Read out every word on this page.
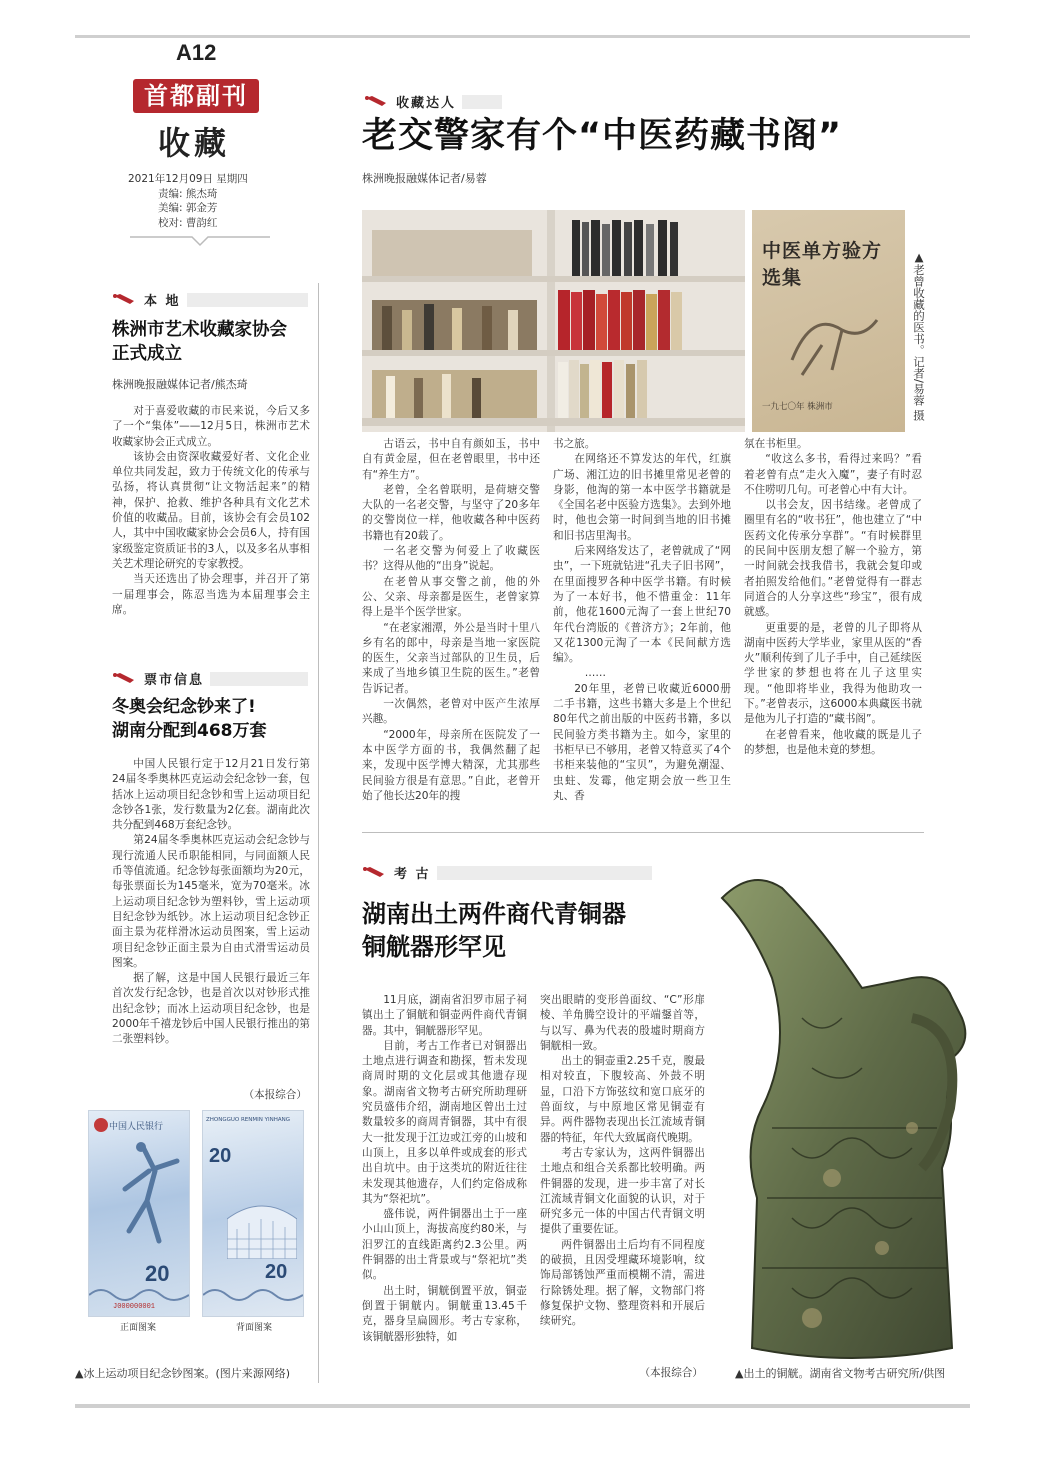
A12
首都副刊
收藏
2021年12月09日 星期四
责编: 熊杰琦
美编: 郭金芳
校对: 曹韵红
本 地
株洲市艺术收藏家协会
正式成立
株洲晚报融媒体记者/熊杰琦

对于喜爱收藏的市民来说，今后又多了一个“集体”——12月5日，株洲市艺术收藏家协会正式成立。

该协会由资深收藏爱好者、文化企业单位共同发起，致力于传统文化的传承与弘扬，将认真贯彻“让文物活起来”的精神，保护、抢救、维护各种具有文化艺术价值的收藏品。目前，该协会有会员102人，其中中国收藏家协会会员6人，持有国家级鉴定资质证书的3人，以及多名从事相关艺术理论研究的专家教授。

当天还选出了协会理事，并召开了第一届理事会，陈忍当选为本届理事会主席。

票市信息
冬奥会纪念钞来了!
湖南分配到468万套

中国人民银行定于12月21日发行第24届冬季奥林匹克运动会纪念钞一套，包括冰上运动项目纪念钞和雪上运动项目纪念钞各1张，发行数量为2亿套。湖南此次共分配到468万套纪念钞。

第24届冬季奥林匹克运动会纪念钞与现行流通人民币职能相同，与同面额人民币等值流通。纪念钞每张面额均为20元，每张票面长为145毫米，宽为70毫米。冰上运动项目纪念钞为塑料钞，雪上运动项目纪念钞为纸钞。冰上运动项目纪念钞正面主景为花样滑冰运动员图案，雪上运动项目纪念钞正面主景为自由式滑雪运动员图案。

据了解，这是中国人民银行最近三年首次发行纪念钞，也是首次以对钞形式推出纪念钞；而冰上运动项目纪念钞，也是2000年千禧龙钞后中国人民银行推出的第二张塑料钞。

（本报综合）
中国人民银行
20
J000000001
ZHONGGUO RENMIN YINHANG
20
20
正面图案	背面图案
▲冰上运动项目纪念钞图案。(图片来源网络)
收藏达人
老交警家有个“中医药藏书阁”
株洲晚报融媒体记者/易蓉
中医单方验方选集
一九七〇年 株洲市	▲老曾收藏的医书。记者/易蓉 摄

古语云，书中自有颜如玉，书中自有黄金屋，但在老曾眼里，书中还有“养生方”。

老曾，全名曾联明，是荷塘交警大队的一名老交警，与坚守了20多年的交警岗位一样，他收藏各种中医药书籍也有20载了。

一名老交警为何爱上了收藏医书？这得从他的“出身”说起。

在老曾从事交警之前，他的外公、父亲、母亲都是医生，老曾家算得上是半个医学世家。

“在老家湘潭，外公是当时十里八乡有名的郎中，母亲是当地一家医院的医生，父亲当过部队的卫生员，后来成了当地乡镇卫生院的医生。”老曾告诉记者。

一次偶然，老曾对中医产生浓厚兴趣。

“2000年，母亲所在医院发了一本中医学方面的书，我偶然翻了起来，发现中医学博大精深，尤其那些民间验方很是有意思。”自此，老曾开始了他长达20年的搜

书之旅。

在网络还不算发达的年代，红旗广场、湘江边的旧书摊里常见老曾的身影，他淘的第一本中医学书籍就是《全国名老中医验方选集》。去到外地时，他也会第一时间到当地的旧书摊和旧书店里淘书。

后来网络发达了，老曾就成了“网虫”，一下班就钻进“孔夫子旧书网”，在里面搜罗各种中医学书籍。有时候为了一本好书，他不惜重金：11年前，他花1600元淘了一套上世纪70年代台湾版的《普济方》；2年前，他又花1300元淘了一本《民间献方选编》。

……

20年里，老曾已收藏近6000册二手书籍，这些书籍大多是上个世纪80年代之前出版的中医药书籍，多以民间验方类书籍为主。如今，家里的书柜早已不够用，老曾又特意买了4个书柜来装他的“宝贝”，为避免潮湿、虫蛀、发霉，他定期会放一些卫生丸、香

氛在书柜里。

“收这么多书，看得过来吗？”看着老曾有点“走火入魔”，妻子有时忍不住唠叨几句。可老曾心中有大计。

以书会友，因书结缘。老曾成了圈里有名的“收书狂”，他也建立了“中医药文化传承分享群”。“有时候群里的民间中医朋友想了解一个验方，第一时间就会找我借书，我就会复印或者拍照发给他们。”老曾觉得有一群志同道合的人分享这些“珍宝”，很有成就感。

更重要的是，老曾的儿子即将从湖南中医药大学毕业，家里从医的“香火”顺利传到了儿子手中，自己延续医学世家的梦想也将在儿子这里实现。“他即将毕业，我得为他助攻一下。”老曾表示，这6000本典藏医书就是他为儿子打造的“藏书阁”。

在老曾看来，他收藏的既是儿子的梦想，也是他未竟的梦想。

考 古
湖南出土两件商代青铜器
铜觥器形罕见

11月底，湖南省汨罗市屈子祠镇出土了铜觥和铜壶两件商代青铜器。其中，铜觥器形罕见。

目前，考古工作者已对铜器出土地点进行调查和勘探，暂未发现商周时期的文化层或其他遗存现象。湖南省文物考古研究所助理研究员盛伟介绍，湖南地区曾出土过数量较多的商周青铜器，其中有很大一批发现于江边或江旁的山坡和山顶上，且多以单件或成套的形式出自坑中。由于这类坑的附近往往未发现其他遗存，人们约定俗成称其为“祭祀坑”。

盛伟说，两件铜器出土于一座小山山顶上，海拔高度约80米，与汨罗江的直线距离约2.3公里。两件铜器的出土背景或与“祭祀坑”类似。

出土时，铜觥倒置平放，铜壶倒置于铜觥内。铜觥重13.45千克，器身呈扁圆形。考古专家称，该铜觥器形独特，如

突出眼睛的变形兽面纹、“C”形扉棱、羊角腾空设计的平端鋬首等，与以写、鼻为代表的殷墟时期商方铜觥相一致。

出土的铜壶重2.25千克，腹最相对较直，下腹较高、外鼓不明显，口沿下方饰弦纹和宽口底牙的兽面纹，与中原地区常见铜壶有异。两件器物表现出长江流域青铜器的特征，年代大致属商代晚期。

考古专家认为，这两件铜器出土地点和组合关系都比较明确。两件铜器的发现，进一步丰富了对长江流域青铜文化面貌的认识，对于研究多元一体的中国古代青铜文明提供了重要佐证。

两件铜器出土后均有不同程度的破损，且因受埋藏环境影响，纹饰局部锈蚀严重而模糊不清，需进行除锈处理。据了解，文物部门将修复保护文物、整理资料和开展后续研究。

（本报综合）	▲出土的铜觥。湖南省文物考古研究所/供图
